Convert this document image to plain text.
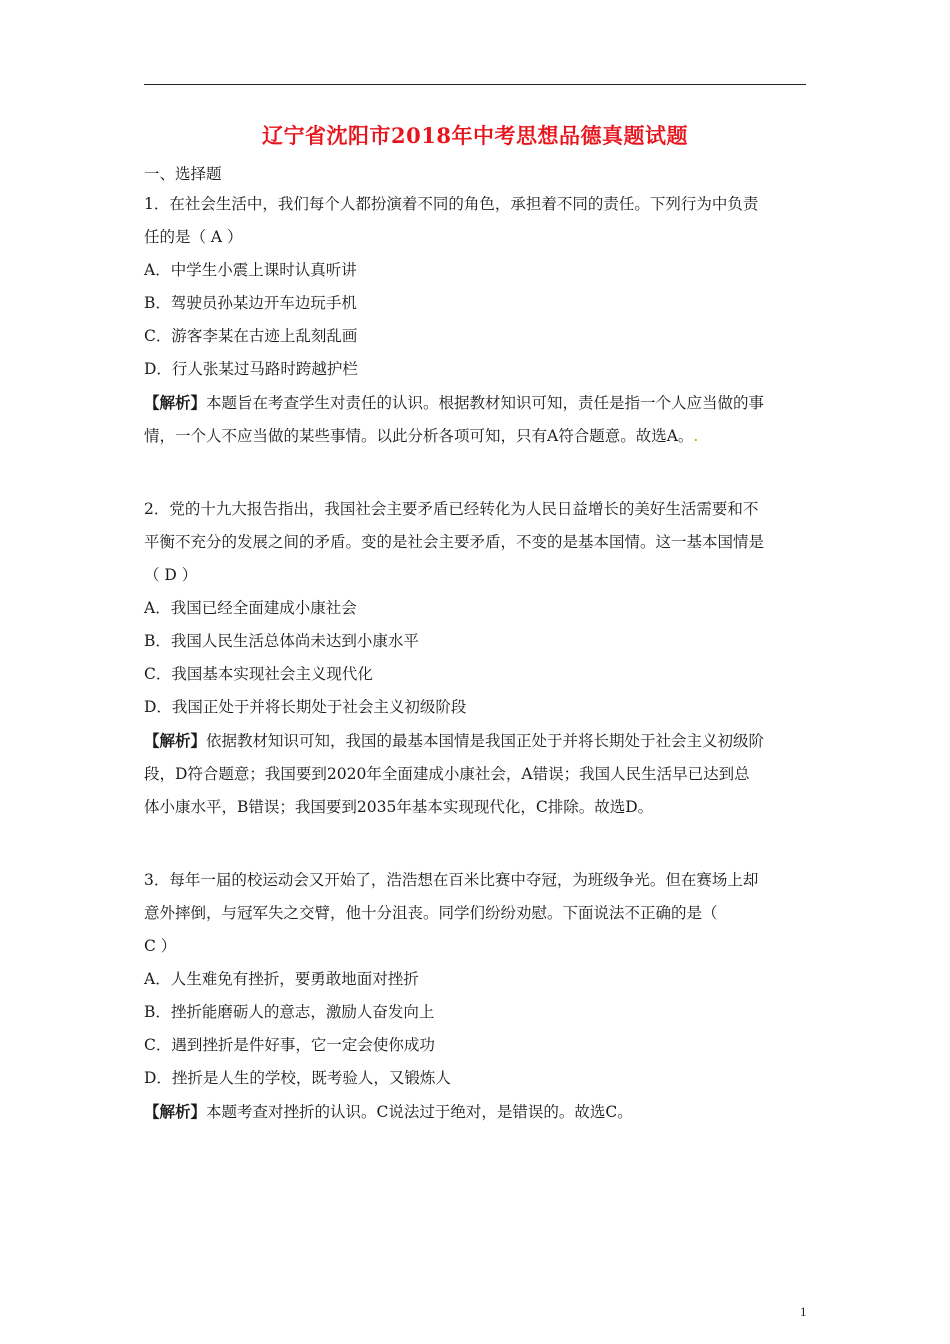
辽宁省沈阳市2018年中考思想品德真题试题
一、选择题
1．在社会生活中，我们每个人都扮演着不同的角色，承担着不同的责任。下列行为中负责
任的是（ A ）
A．中学生小震上课时认真听讲
B．驾驶员孙某边开车边玩手机
C．游客李某在古迹上乱刻乱画
D．行人张某过马路时跨越护栏
【解析】本题旨在考查学生对责任的认识。根据教材知识可知，责任是指一个人应当做的事
情，一个人不应当做的某些事情。以此分析各项可知，只有A符合题意。故选A。.
2．党的十九大报告指出，我国社会主要矛盾已经转化为人民日益增长的美好生活需要和不
平衡不充分的发展之间的矛盾。变的是社会主要矛盾，不变的是基本国情。这一基本国情是
（ D ）
A．我国已经全面建成小康社会
B．我国人民生活总体尚未达到小康水平
C．我国基本实现社会主义现代化
D．我国正处于并将长期处于社会主义初级阶段
【解析】依据教材知识可知，我国的最基本国情是我国正处于并将长期处于社会主义初级阶
段，D符合题意；我国要到2020年全面建成小康社会，A错误；我国人民生活早已达到总
体小康水平，B错误；我国要到2035年基本实现现代化，C排除。故选D。
3．每年一届的校运动会又开始了，浩浩想在百米比赛中夺冠，为班级争光。但在赛场上却
意外摔倒，与冠军失之交臂，他十分沮丧。同学们纷纷劝慰。下面说法不正确的是（
C ）
A．人生难免有挫折，要勇敢地面对挫折
B．挫折能磨砺人的意志，激励人奋发向上
C．遇到挫折是件好事，它一定会使你成功
D．挫折是人生的学校，既考验人，又锻炼人
【解析】本题考查对挫折的认识。C说法过于绝对，是错误的。故选C。
1
